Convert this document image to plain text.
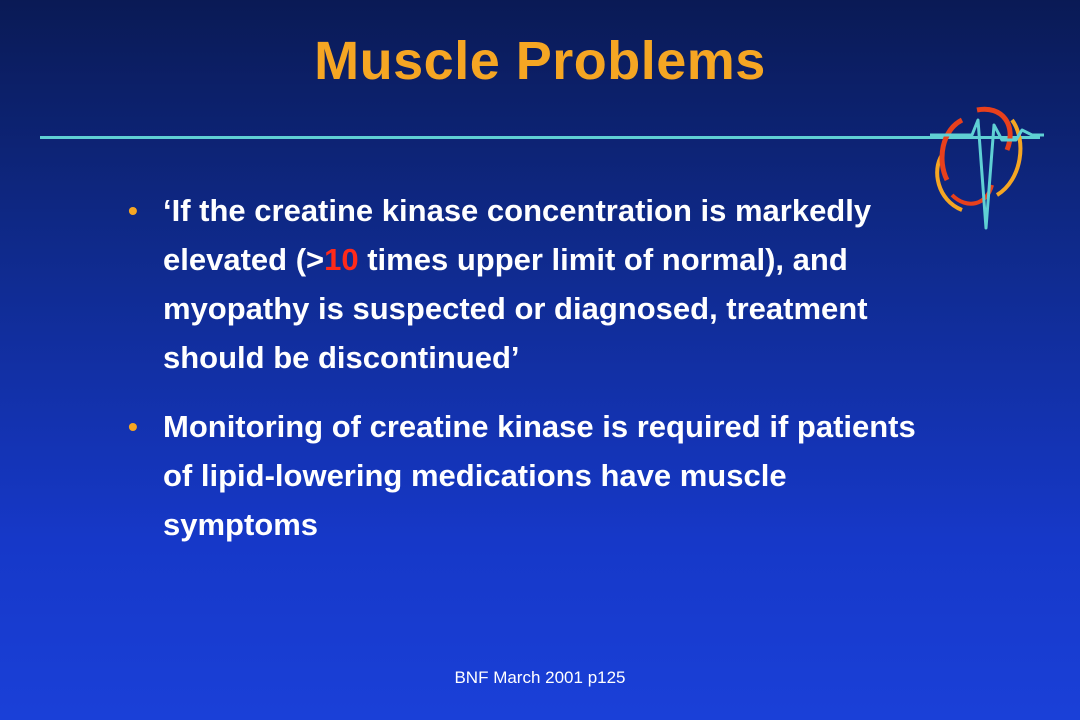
Muscle Problems
• ‘If the creatine kinase concentration is markedly elevated (>10 times upper limit of normal), and myopathy is suspected or diagnosed, treatment should be discontinued’
• Monitoring of creatine kinase is required if patients of lipid-lowering medications have muscle symptoms
BNF March 2001 p125
